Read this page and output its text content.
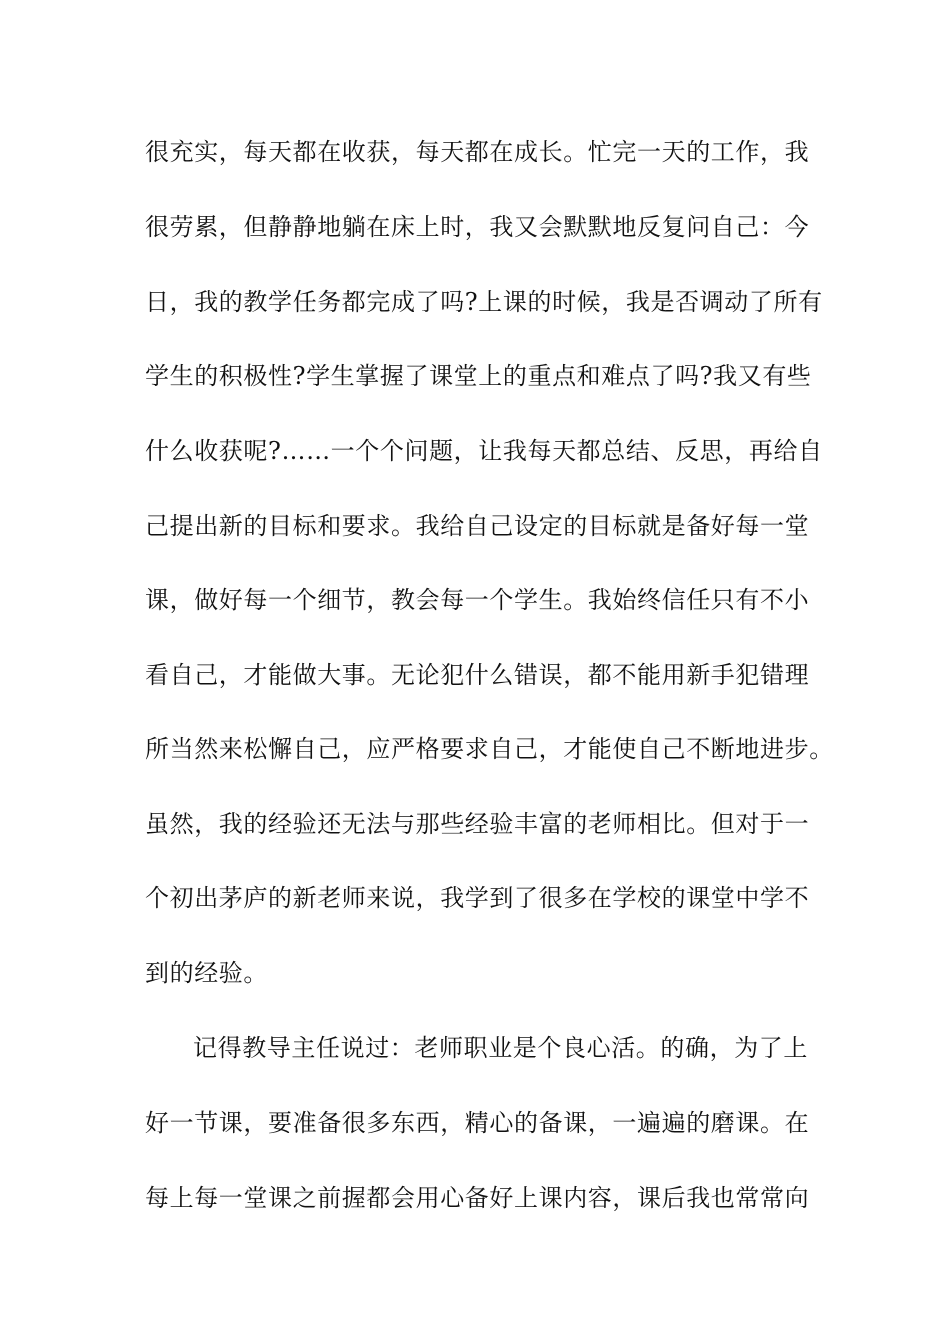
很充实，每天都在收获，每天都在成长。忙完一天的工作，我
很劳累，但静静地躺在床上时，我又会默默地反复问自己：今
日，我的教学任务都完成了吗?上课的时候，我是否调动了所有
学生的积极性?学生掌握了课堂上的重点和难点了吗?我又有些
什么收获呢?……一个个问题，让我每天都总结、反思，再给自
己提出新的目标和要求。我给自己设定的目标就是备好每一堂
课，做好每一个细节，教会每一个学生。我始终信任只有不小
看自己，才能做大事。无论犯什么错误，都不能用新手犯错理
所当然来松懈自己，应严格要求自己，才能使自己不断地进步。
虽然，我的经验还无法与那些经验丰富的老师相比。但对于一
个初出茅庐的新老师来说，我学到了很多在学校的课堂中学不
到的经验。
记得教导主任说过：老师职业是个良心活。的确，为了上
好一节课，要准备很多东西，精心的备课，一遍遍的磨课。在
每上每一堂课之前握都会用心备好上课内容，课后我也常常向
